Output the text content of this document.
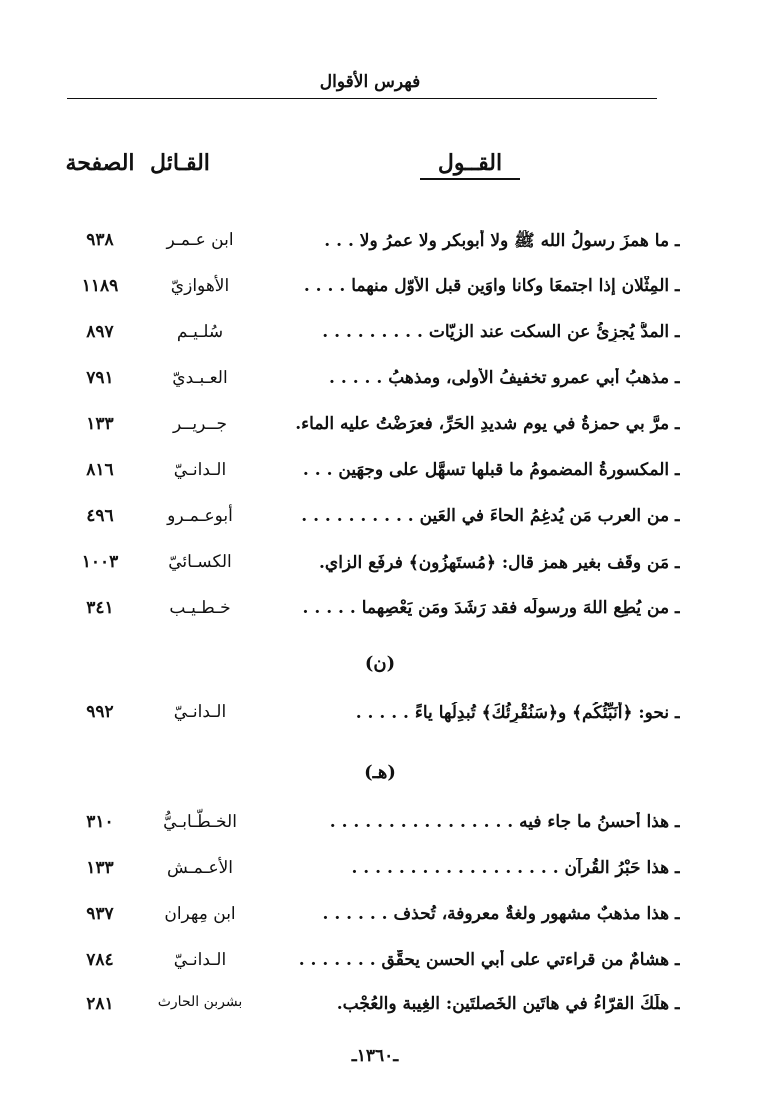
فهرس الأقوال
القــول
القـائل
الصفحة
ـ ما همزَ رسولُ الله ﷺ ولا أبوبكر ولا عمرُ ولا . . .
ابن عـمـر
٩٣٨
ـ المِثْلان إذا اجتمعَا وكانا واوَين قبل الأوّل منهما . . . .
الأهوازيّ
١١٨٩
ـ المدُّ يُجزِئُ عن السكت عند الزيّات . . . . . . . . .
سُلـيـم
٨٩٧
ـ مذهبُ أبي عمرو تخفيفُ الأُولى، ومذهبُ . . . . .
العـبـديّ
٧٩١
ـ مرَّ بي حمزةُ في يوم شديدِ الحَرِّ، فعرَضْتُ عليه الماء.
جــريــر
١٣٣
ـ المكسورةُ المضمومُ ما قبلها تسهَّل على وجهَين . . .
الـدانـيّ
٨١٦
ـ من العرب مَن يُدغِمُ الحاءَ في العَين . . . . . . . . . .
أبوعـمـرو
٤٩٦
ـ مَن وقَف بغير همز قال: ﴿مُستَهزُون﴾ فرفَع الزاي.
الكسـائيّ
١٠٠٣
ـ من يُطِعِ اللهَ ورسولَه فقد رَشَدَ ومَن يَعْصِهما . . . . .
خـطـيـب
٣٤١
(ن)
ـ نحو: ﴿أُنَبِّئُكُم﴾ و﴿سَنُقْرِئُكَ﴾ تُبدِلُها ياءً . . . . .
الـدانـيّ
٩٩٢
(هـ)
ـ هذا أحسنُ ما جاء فيه . . . . . . . . . . . . . . . .
الخـطّـابـيُّ
٣١٠
ـ هذا حَبْرُ القُرآن . . . . . . . . . . . . . . . . . .
الأعـمـش
١٣٣
ـ هذا مذهبٌ مشهور ولغةٌ معروفة، تُحذف . . . . . .
ابن مِهران
٩٣٧
ـ هشامٌ من قراءتي على أبي الحسن يحقِّق . . . . . . .
الـدانـيّ
٧٨٤
ـ هلَكَ القرّاءُ في هاتَين الخَصلتَين: الغِيبة والعُجْب.
بشربن الحارث
٢٨١
ـ١٣٦٠ـ
